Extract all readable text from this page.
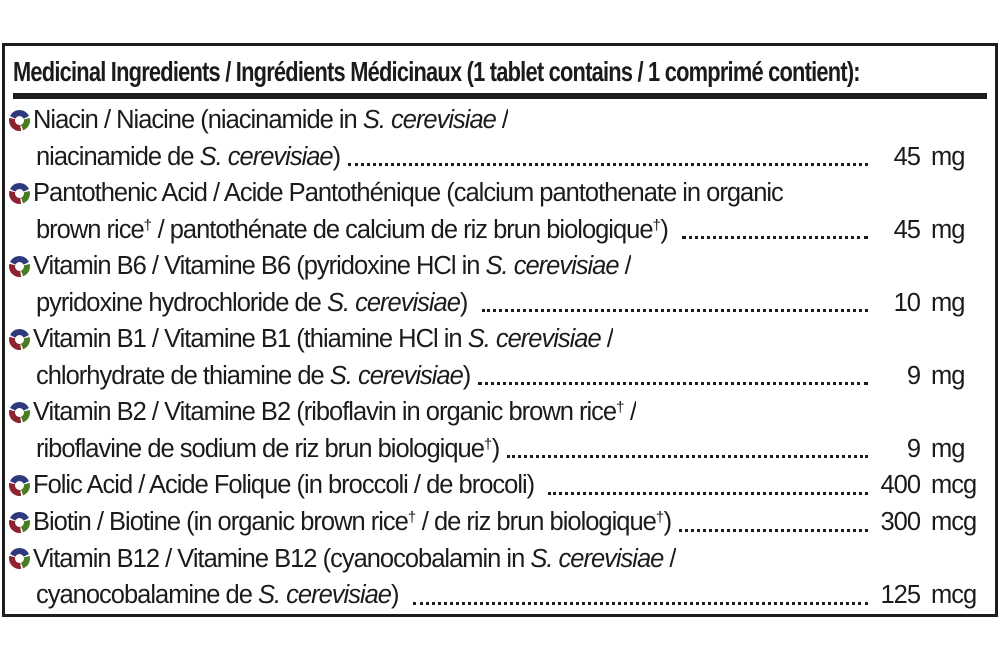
Medicinal Ingredients / Ingrédients Médicinaux (1 tablet contains / 1 comprimé contient):
Niacin / Niacine (niacinamide in S. cerevisiae /
niacinamide de S. cerevisiae)	45 mg
Pantothenic Acid / Acide Pantothénique (calcium pantothenate in organic
brown rice† / pantothénate de calcium de riz brun biologique†)	45 mg
Vitamin B6 / Vitamine B6 (pyridoxine HCl in S. cerevisiae /
pyridoxine hydrochloride de S. cerevisiae)	10 mg
Vitamin B1 / Vitamine B1 (thiamine HCl in S. cerevisiae /
chlorhydrate de thiamine de S. cerevisiae)	9 mg
Vitamin B2 / Vitamine B2 (riboflavin in organic brown rice† /
riboflavine de sodium de riz brun biologique†)	9 mg
Folic Acid / Acide Folique (in broccoli / de brocoli)	400 mcg
Biotin / Biotine (in organic brown rice† / de riz brun biologique†)	300 mcg
Vitamin B12 / Vitamine B12 (cyanocobalamin in S. cerevisiae /
cyanocobalamine de S. cerevisiae)	125 mcg
